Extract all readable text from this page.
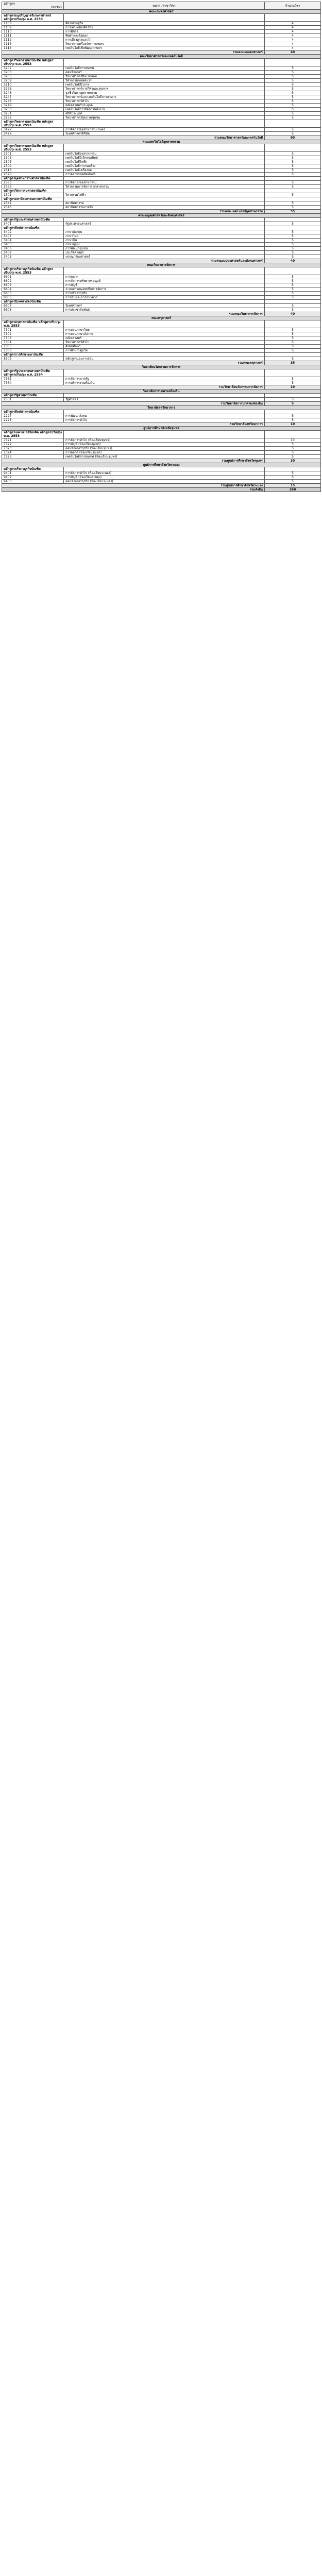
หลักสูตร
รหัสวิชา	หมวด /สาขาวิชา	จำนวนวิชา
คณะเกษตรศาสตร์		
หลักสูตรอนุปริญญาตรีเกษตรศาสตร์ หลักสูตรปรับปรุง พ.ศ. 2553		
1108	สัตวเศรษฐกิจ	4
1109	การเพาะเลี้ยงสัตว์น้ำ	4
1110	การพืชไร่	4
1111	พืชผักและไม้ดอก	4
1112	การเลี้ยงสุกรและไก่	4
1113	วิทยาการเครื่องจักรกลเกษตร	4
1114	เทคโนโลยีเพื่อพัฒนาเกษตร	4
รวมคณะเกษตรศาสตร์		40
คณะวิทยาศาสตร์และเทคโนโลยี		
หลักสูตรวิทยาศาสตรบัณฑิต หลักสูตรปรับปรุง พ.ศ. 2553		
3202	เทคโนโลยีสารสนเทศ	5
3203	คอมพิวเตอร์	5
3205	วิทยาศาสตร์สิ่งแวดล้อม	5
3209	วิศวกรรมซอฟต์แวร์	5
3210	เทคโนโลยีชีวภาพ	5
3228	วิทยาศาสตร์การกีฬาและสุขภาพ	5
3246	จุลชีววิทยาอุตสาหกรรม	5
3247	วิทยาศาสตร์และเทคโนโลยีการอาหาร	5
3248	วิทยาศาสตร์ทั่วไป	5
3249	คณิตศาสตร์ประยุกต์	5
3250	เทคโนโลยีการจัดการพลังงาน	5
3251	สถิติประยุกต์	5
3252	วิทยาศาสตร์สุขภาพชุมชน	5
หลักสูตรวิทยาศาสตรบัณฑิต หลักสูตรปรับปรุง พ.ศ. 2553		
3477	การจัดการอุตสาหกรรมเกษตร	5
3478	นิเทศศาสตร์ดิจิทัล	5
รวมคณะวิทยาศาสตร์และเทคโนโลยี		80
คณะเทคโนโลยีอุตสาหกรรม		
หลักสูตรวิทยาศาสตรบัณฑิต หลักสูตรปรับปรุง พ.ศ. 2553		
2501	เทคโนโลยีอุตสาหกรรม	5
2503	เทคโนโลยีอิเล็กทรอนิกส์	5
2505	เทคโนโลยีไฟฟ้า	5
2509	เทคโนโลยีการก่อสร้าง	5
2516	เทคโนโลยีเครื่องกล	5
2520	การออกแบบผลิตภัณฑ์	5
หลักสูตรอุตสาหกรรมศาสตรบัณฑิต		
2565	การจัดการอุตสาหกรรม	5
2566	วิศวกรรมการจัดการอุตสาหกรรม	5
หลักสูตรวิศวกรรมศาสตรบัณฑิต		
1301	วิศวกรรมไฟฟ้า	5
หลักสูตรสถาปัตยกรรมศาสตรบัณฑิต		
2544	สถาปัตยกรรม	5
2546	สถาปัตยกรรมภายใน	5
รวมคณะเทคโนโลยีอุตสาหกรรม		55
คณะมนุษยศาสตร์และสังคมศาสตร์		
หลักสูตรรัฐประศาสนศาสตรบัณฑิต		
3401	รัฐประศาสนศาสตร์	5
หลักสูตรศิลปศาสตรบัณฑิต		
3402	ภาษาอังกฤษ	5
3403	ภาษาไทย	5
3404	ภาษาจีน	5
3405	ภาษาญี่ปุ่น	5
3406	การพัฒนาชุมชน	5
3407	ประวัติศาสตร์	5
3408	บรรณารักษศาสตร์	5
รวมคณะมนุษยศาสตร์และสังคมศาสตร์		40
คณะวิทยาการจัดการ		
หลักสูตรบริหารธุรกิจบัณฑิต หลักสูตรปรับปรุง พ.ศ. 2553		
6601	การตลาด	5
6602	การจัดการทรัพยากรมนุษย์	5
6603	การบัญชี	5
6604	ระบบสารสนเทศเพื่อการจัดการ	5
6605	การบริหารธุรกิจ	5
6606	การเงินและการธนาคาร	5
หลักสูตรนิเทศศาสตรบัณฑิต		
6607	นิเทศศาสตร์	5
6608	การประชาสัมพันธ์	5
รวมคณะวิทยาการจัดการ		40
คณะครุศาสตร์		
หลักสูตรครุศาสตรบัณฑิต หลักสูตรปรับปรุง พ.ศ. 2553		
7301	การสอนภาษาไทย	5
7302	การสอนภาษาอังกฤษ	5
7303	คณิตศาสตร์	5
7304	วิทยาศาสตร์ทั่วไป	5
7305	สังคมศึกษา	5
7306	การศึกษาปฐมวัย	5
หลักสูตรการศึกษามหาบัณฑิต		
8302	หลักสูตรและการสอน	5
รวมคณะครุศาสตร์		35
วิทยาลัยนวัตกรรมการจัดการ		
หลักสูตรรัฐประศาสนศาสตรบัณฑิต หลักสูตรปรับปรุง พ.ศ. 2554		
7363	การจัดการภาครัฐ	5
7364	การบริหารงานท้องถิ่น	5
รวมวิทยาลัยนวัตกรรมการจัดการ		10
วิทยาลัยการปกครองท้องถิ่น		
หลักสูตรรัฐศาสตรบัณฑิต		
2501	รัฐศาสตร์	5
รวมวิทยาลัยการปกครองท้องถิ่น		5
วิทยาลัยสหวิทยาการ		
หลักสูตรศิลปศาสตรบัณฑิต		
2227	การพัฒนาสังคม	5
2228	การจัดการทั่วไป	5
รวมวิทยาลัยสหวิทยาการ		10
ศูนย์การศึกษาจังหวัดชุมพร		
หลักสูตรเทคโนโลยีบัณฑิต หลักสูตรปรับปรุง พ.ศ. 2553		
7321	การจัดการทั่วไป (ห้องเรียนชุมพร)	10
7322	การบัญชี (ห้องเรียนชุมพร)	5
7323	คอมพิวเตอร์ธุรกิจ (ห้องเรียนชุมพร)	5
7324	การตลาด (ห้องเรียนชุมพร)	5
7325	เทคโนโลยีสารสนเทศ (ห้องเรียนชุมพร)	5
รวมศูนย์การศึกษาจังหวัดชุมพร		30
ศูนย์การศึกษาจังหวัดระนอง		
หลักสูตรบริหารธุรกิจบัณฑิต		
9401	การจัดการทั่วไป (ห้องเรียนระนอง)	5
9402	การบัญชี (ห้องเรียนระนอง)	5
9403	คอมพิวเตอร์ธุรกิจ (ห้องเรียนระนอง)	5
รวมศูนย์การศึกษาจังหวัดระนอง		15
รวมทั้งสิ้น		360
